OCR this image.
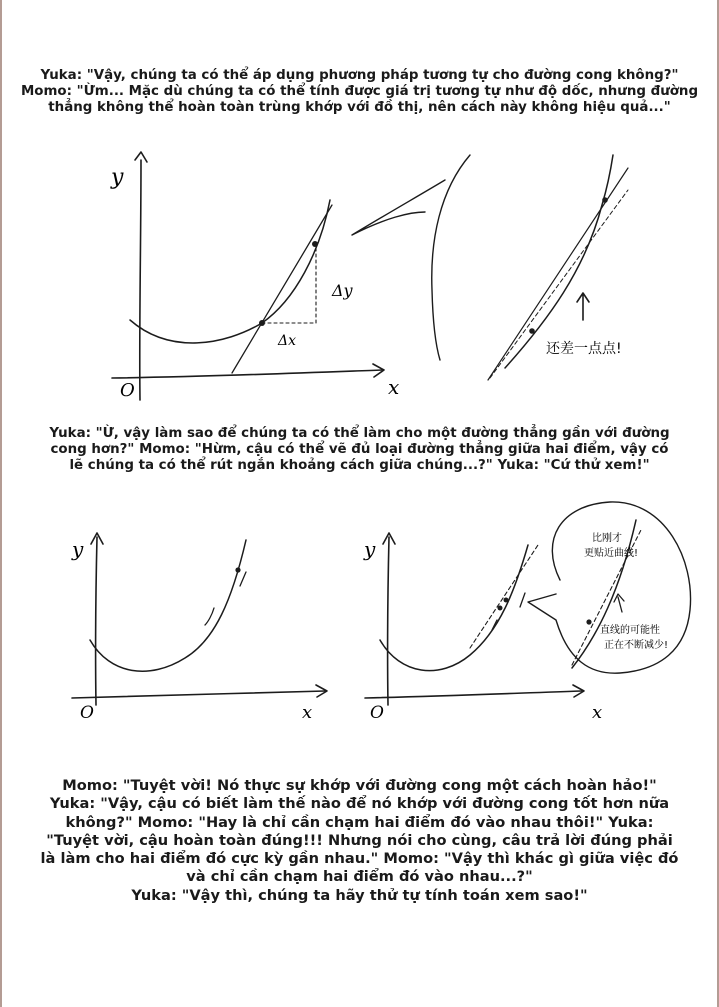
Yuka: "Vậy, chúng ta có thể áp dụng phương pháp tương tự cho đường cong không?"

Momo: "Ừm... Mặc dù chúng ta có thể tính được giá trị tương tự như độ dốc, nhưng đường

thẳng không thể hoàn toàn trùng khớp với đồ thị, nên cách này không hiệu quả..."

y
x
O
Δx
Δy
还差一点点!

Yuka: "Ừ, vậy làm sao để chúng ta có thể làm cho một đường thẳng gần với đường

cong hơn?" Momo: "Hừm, cậu có thể vẽ đủ loại đường thẳng giữa hai điểm, vậy có

lẽ chúng ta có thể rút ngắn khoảng cách giữa chúng...?" Yuka: "Cứ thử xem!"

y
x
O
y
x
O
比刚才
更贴近曲线!
直线的可能性
正在不断减少!

Momo: "Tuyệt vời! Nó thực sự khớp với đường cong một cách hoàn hảo!"

Yuka: "Vậy, cậu có biết làm thế nào để nó khớp với đường cong tốt hơn nữa

không?" Momo: "Hay là chỉ cần chạm hai điểm đó vào nhau thôi!" Yuka:

"Tuyệt vời, cậu hoàn toàn đúng!!! Nhưng nói cho cùng, câu trả lời đúng phải

là làm cho hai điểm đó cực kỳ gần nhau." Momo: "Vậy thì khác gì giữa việc đó

và chỉ cần chạm hai điểm đó vào nhau...?"

Yuka: "Vậy thì, chúng ta hãy thử tự tính toán xem sao!"
